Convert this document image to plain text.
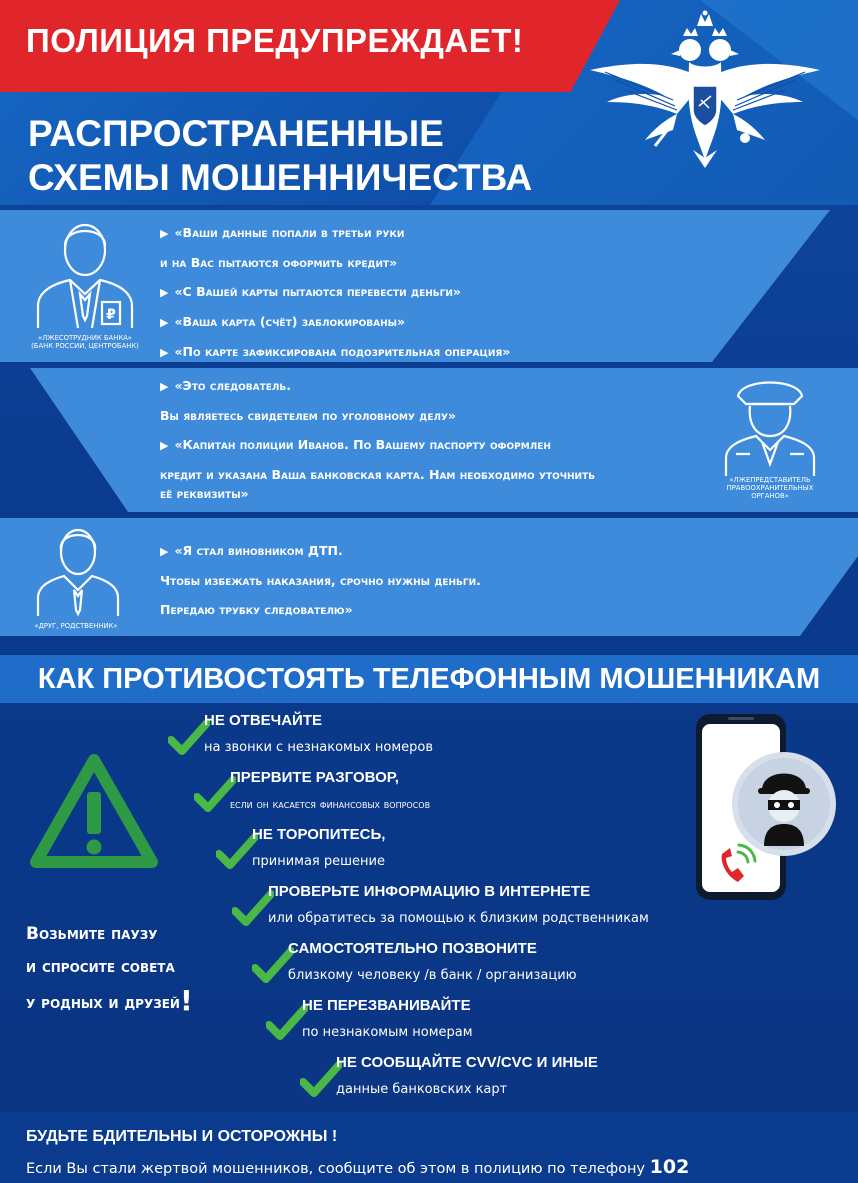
ПОЛИЦИЯ ПРЕДУПРЕЖДАЕТ!
РАСПРОСТРАНЕННЫЕ
СХЕМЫ МОШЕННИЧЕСТВА
₽
«ЛЖЕСОТРУДНИК БАНКА»
(БАНК РОССИИ, ЦЕНТРОБАНК)
▶ «Ваши данные попали в третьи руки
и на Вас пытаются оформить кредит»
▶ «С Вашей карты пытаются перевести деньги»
▶ «Ваша карта (счёт) заблокированы»
▶ «По карте зафиксирована подозрительная операция»
«ЛЖЕПРЕДСТАВИТЕЛЬ
ПРАВООХРАНИТЕЛЬНЫХ
ОРГАНОВ»
▶ «Это следователь.
Вы являетесь свидетелем по уголовному делу»
▶ «Капитан полиции Иванов. По Вашему паспорту оформлен
кредит и указана Ваша банковская карта. Нам необходимо уточнить
её реквизиты»
«ДРУГ, РОДСТВЕННИК»
▶ «Я стал виновником ДТП.
Чтобы избежать наказания, срочно нужны деньги.
Передаю трубку следователю»
КАК ПРОТИВОСТОЯТЬ ТЕЛЕФОННЫМ МОШЕННИКАМ
Возьмите паузу
и спросите совета
у родных и друзей!
НЕ ОТВЕЧАЙТЕ
на звонки с незнакомых номеров
ПРЕРВИТЕ РАЗГОВОР,
если он касается финансовых вопросов
НЕ ТОРОПИТЕСЬ,
принимая решение
ПРОВЕРЬТЕ ИНФОРМАЦИЮ В ИНТЕРНЕТЕ
или обратитесь за помощью к близким родственникам
САМОСТОЯТЕЛЬНО ПОЗВОНИТЕ
близкому человеку /в банк / организацию
НЕ ПЕРЕЗВАНИВАЙТЕ
по незнакомым номерам
НЕ СООБЩАЙТЕ CVV/CVC И ИНЫЕ
данные банковских карт
БУДЬТЕ БДИТЕЛЬНЫ И ОСТОРОЖНЫ !
Если Вы стали жертвой мошенников, сообщите об этом в полицию по телефону 102
